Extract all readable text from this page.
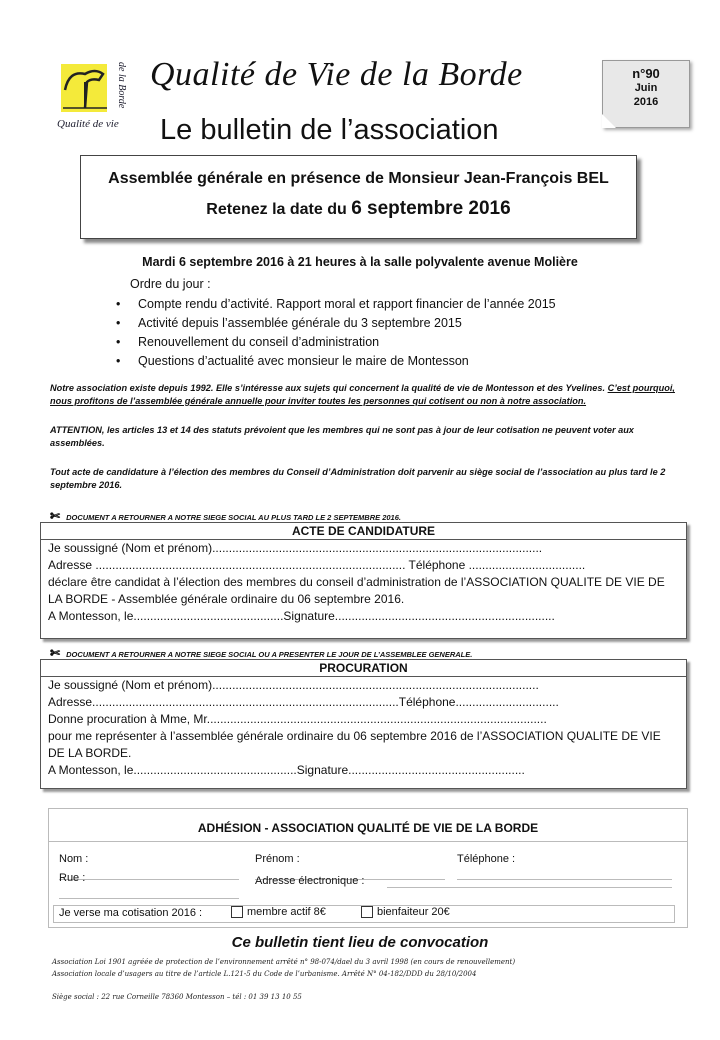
de la Borde
Qualité de vie
Qualité de Vie de la Borde
Le bulletin de l’association
n°90
Juin
2016
Assemblée générale en présence de Monsieur Jean-François BEL
Retenez la date du 6 septembre 2016
Mardi 6 septembre 2016 à 21 heures à la salle polyvalente avenue Molière
Ordre du jour :
• Compte rendu d’activité. Rapport moral et rapport financier de l’année 2015
• Activité depuis l’assemblée générale du 3 septembre 2015
• Renouvellement du conseil d’administration
• Questions d’actualité avec monsieur le maire de Montesson
Notre association existe depuis 1992. Elle s’intéresse aux sujets qui concernent la qualité de vie de Montesson et des Yvelines. C’est pourquoi, nous profitons de l’assemblée générale annuelle pour inviter toutes les personnes qui cotisent ou non à notre association.
ATTENTION, les articles 13 et 14 des statuts prévoient que les membres qui ne sont pas à jour de leur cotisation ne peuvent voter aux assemblées.
Tout acte de candidature à l’élection des membres du Conseil d’Administration doit parvenir au siège social de l’association au plus tard le 2 septembre 2016.
✄ DOCUMENT A RETOURNER A NOTRE SIEGE SOCIAL AU PLUS TARD LE 2 SEPTEMBRE 2016.
ACTE DE CANDIDATURE
Je soussigné (Nom et prénom)...................................................................................................
Adresse ............................................................................................. Téléphone ...................................
déclare être candidat à l’élection des membres du conseil d’administration de l’ASSOCIATION QUALITE DE VIE DE LA BORDE - Assemblée générale ordinaire du 06 septembre 2016.
A Montesson, le.............................................Signature..................................................................
✄ DOCUMENT A RETOURNER A NOTRE SIEGE SOCIAL OU A PRESENTER LE JOUR DE L’ASSEMBLEE GENERALE.
PROCURATION
Je soussigné (Nom et prénom)..................................................................................................
Adresse............................................................................................Téléphone...............................
Donne procuration à Mme, Mr......................................................................................................
pour me représenter à l’assemblée générale ordinaire du 06 septembre 2016 de l’ASSOCIATION QUALITE DE VIE DE LA BORDE.
A Montesson, le.................................................Signature.....................................................
ADHÉSION - ASSOCIATION QUALITÉ DE VIE DE LA BORDE
Nom :	Prénom :	Téléphone :
Rue :	Adresse électronique :
Je verse ma cotisation 2016 :	membre actif 8€	bienfaiteur 20€
Ce bulletin tient lieu de convocation
Association Loi 1901 agréée de protection de l’environnement arrêté n° 98-074/dael du 3 avril 1998 (en cours de renouvellement)
Association locale d’usagers au titre de l’article L.121-5 du Code de l’urbanisme. Arrêté N° 04-182/DDD du 28/10/2004
Siège social : 22 rue Corneille 78360 Montesson – tél : 01 39 13 10 55
